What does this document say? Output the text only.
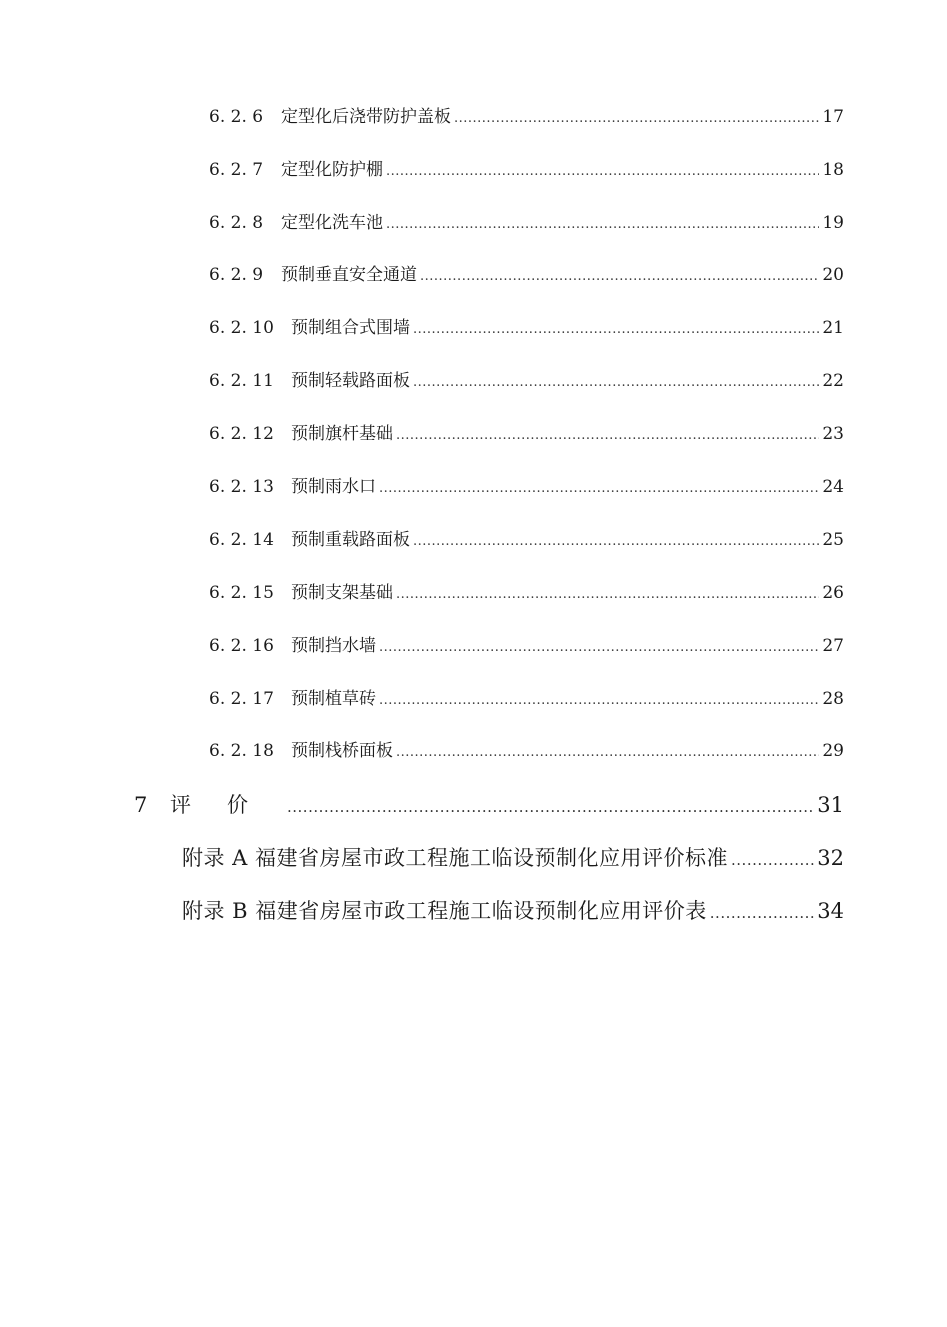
6. 2. 6	定型化后浇带防护盖板 .....	17
6. 2. 7	定型化防护棚 .....	18
6. 2. 8	定型化洗车池 .....	19
6. 2. 9	预制垂直安全通道 .....	20
6. 2. 10	预制组合式围墙 .....	21
6. 2. 11	预制轻载路面板 .....	22
6. 2. 12	预制旗杆基础 .....	23
6. 2. 13	预制雨水口 .....	24
6. 2. 14	预制重载路面板 .....	25
6. 2. 15	预制支架基础 .....	26
6. 2. 16	预制挡水墙 .....	27
6. 2. 17	预制植草砖 .....	28
6. 2. 18	预制栈桥面板 .....	29
7	评价 .....	31
附录 A 福建省房屋市政工程施工临设预制化应用评价标准 .....	32
附录 B 福建省房屋市政工程施工临设预制化应用评价表 .....	34
